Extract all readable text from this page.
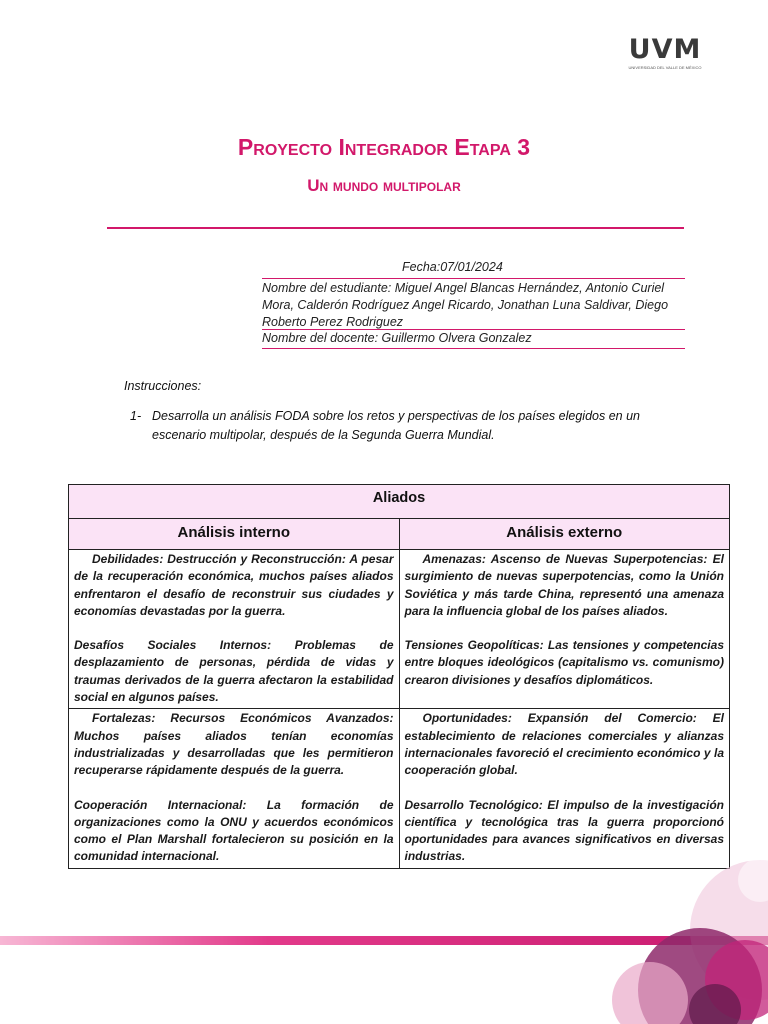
UVM
UNIVERSIDAD DEL VALLE DE MÉXICO
Proyecto Integrador Etapa 3
Un mundo multipolar
Fecha:07/01/2024
Nombre del estudiante: Miguel Angel Blancas Hernández, Antonio Curiel Mora, Calderón Rodríguez Angel Ricardo, Jonathan Luna Saldivar, Diego Roberto Perez Rodriguez
Nombre del docente: Guillermo Olvera Gonzalez
Instrucciones:
1- Desarrolla un análisis FODA sobre los retos y perspectivas de los países elegidos en un escenario multipolar, después de la Segunda Guerra Mundial.
Aliados
Análisis interno	Análisis externo

Debilidades: Destrucción y Reconstrucción: A pesar de la recuperación económica, muchos países aliados enfrentaron el desafío de reconstruir sus ciudades y economías devastadas por la guerra.

Desafíos Sociales Internos: Problemas de desplazamiento de personas, pérdida de vidas y traumas derivados de la guerra afectaron la estabilidad social en algunos países.

Amenazas: Ascenso de Nuevas Superpotencias: El surgimiento de nuevas superpotencias, como la Unión Soviética y más tarde China, representó una amenaza para la influencia global de los países aliados.

Tensiones Geopolíticas: Las tensiones y competencias entre bloques ideológicos (capitalismo vs. comunismo) crearon divisiones y desafíos diplomáticos.

Fortalezas: Recursos Económicos Avanzados: Muchos países aliados tenían economías industrializadas y desarrolladas que les permitieron recuperarse rápidamente después de la guerra.

Cooperación Internacional: La formación de organizaciones como la ONU y acuerdos económicos como el Plan Marshall fortalecieron su posición en la comunidad internacional.

Oportunidades: Expansión del Comercio: El establecimiento de relaciones comerciales y alianzas internacionales favoreció el crecimiento económico y la cooperación global.

Desarrollo Tecnológico: El impulso de la investigación científica y tecnológica tras la guerra proporcionó oportunidades para avances significativos en diversas industrias.
